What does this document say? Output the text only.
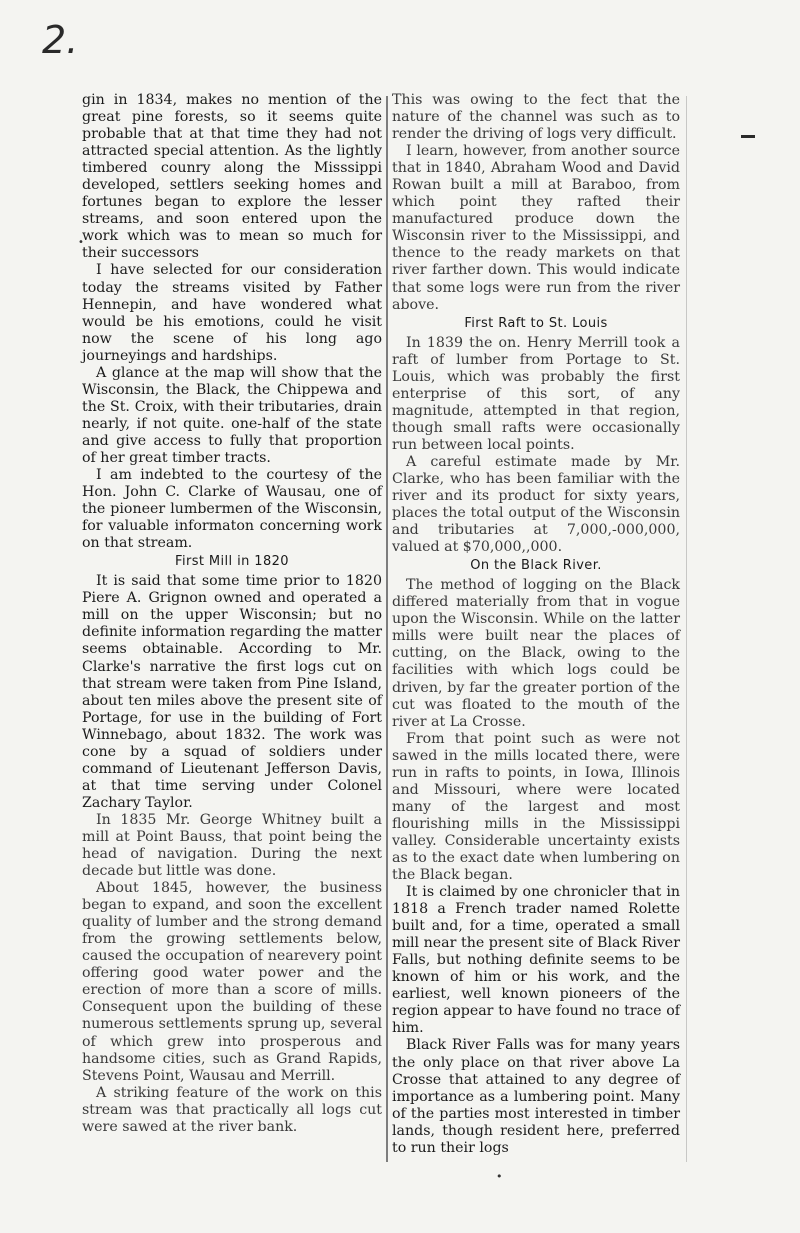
2.
•
•

gin in 1834, makes no mention of the great pine forests, so it seems quite probable that at that time they had not attracted special attention. As the lightly timbered counry along the Misssippi developed, settlers seeking homes and fortunes began to explore the lesser streams, and soon entered upon the work which was to mean so much for their successors

I have selected for our consideration today the streams visited by Father Hennepin, and have wondered what would be his emotions, could he visit now the scene of his long ago journeyings and hardships.

A glance at the map will show that the Wisconsin, the Black, the Chippewa and the St. Croix, with their tributaries, drain nearly, if not quite. one-half of the state and give access to fully that proportion of her great timber tracts.

I am indebted to the courtesy of the Hon. John C. Clarke of Wausau, one of the pioneer lumbermen of the Wisconsin, for valuable informaton concerning work on that stream.

First Mill in 1820

It is said that some time prior to 1820 Piere A. Grignon owned and operated a mill on the upper Wisconsin; but no definite information regarding the matter seems obtainable. According to Mr. Clarke's narrative the first logs cut on that stream were taken from Pine Island, about ten miles above the present site of Portage, for use in the building of Fort Winnebago, about 1832. The work was cone by a squad of soldiers under command of Lieutenant Jefferson Davis, at that time serving under Colonel Zachary Taylor.

In 1835 Mr. George Whitney built a mill at Point Bauss, that point being the head of navigation. During the next decade but little was done.

About 1845, however, the business began to expand, and soon the excellent quality of lumber and the strong demand from the growing settlements below, caused the occupation of nearevery point offering good water power and the erection of more than a score of mills. Consequent upon the building of these numerous settlements sprung up, several of which grew into prosperous and handsome cities, such as Grand Rapids, Stevens Point, Wausau and Merrill.

A striking feature of the work on this stream was that practically all logs cut were sawed at the river bank.

This was owing to the fect that the nature of the channel was such as to render the driving of logs very difficult.

I learn, however, from another source that in 1840, Abraham Wood and David Rowan built a mill at Baraboo, from which point they rafted their manufactured produce down the Wisconsin river to the Mississippi, and thence to the ready markets on that river farther down. This would indicate that some logs were run from the river above.

First Raft to St. Louis

In 1839 the on. Henry Merrill took a raft of lumber from Portage to St. Louis, which was probably the first enterprise of this sort, of any magnitude, attempted in that region, though small rafts were occasionally run between local points.

A careful estimate made by Mr. Clarke, who has been familiar with the river and its product for sixty years, places the total output of the Wisconsin and tributaries at 7,000,-000,000, valued at $70,000,,000.

On the Black River.

The method of logging on the Black differed materially from that in vogue upon the Wisconsin. While on the latter mills were built near the places of cutting, on the Black, owing to the facilities with which logs could be driven, by far the greater portion of the cut was floated to the mouth of the river at La Crosse.

From that point such as were not sawed in the mills located there, were run in rafts to points, in Iowa, Illinois and Missouri, where were located many of the largest and most flourishing mills in the Mississippi valley. Considerable uncertainty exists as to the exact date when lumbering on the Black began.

It is claimed by one chronicler that in 1818 a French trader named Rolette built and, for a time, operated a small mill near the present site of Black River Falls, but nothing definite seems to be known of him or his work, and the earliest, well known pioneers of the region appear to have found no trace of him.

Black River Falls was for many years the only place on that river above La Crosse that attained to any degree of importance as a lumbering point. Many of the parties most interested in timber lands, though resident here, preferred to run their logs
